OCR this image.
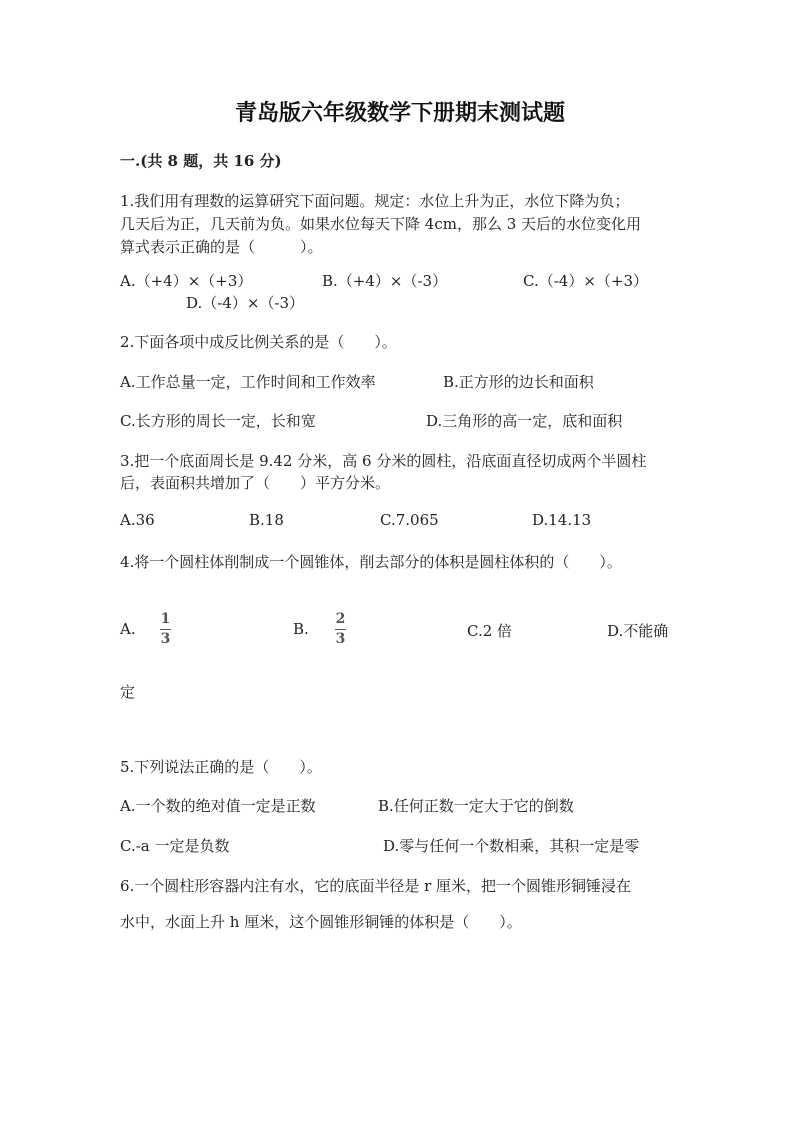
青岛版六年级数学下册期末测试题
一.(共 8 题，共 16 分)
1.我们用有理数的运算研究下面问题。规定：水位上升为正，水位下降为负；
几天后为正，几天前为负。如果水位每天下降 4cm，那么 3 天后的水位变化用
算式表示正确的是（　　　）。
A.（+4）×（+3）	B.（+4）×（-3）	C.（-4）×（+3）
D.（-4）×（-3）
2.下面各项中成反比例关系的是（　　）。
A.工作总量一定，工作时间和工作效率	B.正方形的边长和面积
C.长方形的周长一定，长和宽	D.三角形的高一定，底和面积
3.把一个底面周长是 9.42 分米，高 6 分米的圆柱，沿底面直径切成两个半圆柱
后，表面积共增加了（　　）平方分米。
A.36	B.18	C.7.065	D.14.13
4.将一个圆柱体削制成一个圆锥体，削去部分的体积是圆柱体积的（　　）。
A.
1
3
B.
2
3	C.2 倍	D.不能确
定
5.下列说法正确的是（　　）。
A.一个数的绝对值一定是正数	B.任何正数一定大于它的倒数
C.-a 一定是负数	D.零与任何一个数相乘，其积一定是零
6.一个圆柱形容器内注有水，它的底面半径是 r 厘米，把一个圆锥形铜锤浸在
水中，水面上升 h 厘米，这个圆锥形铜锤的体积是（　　）。
